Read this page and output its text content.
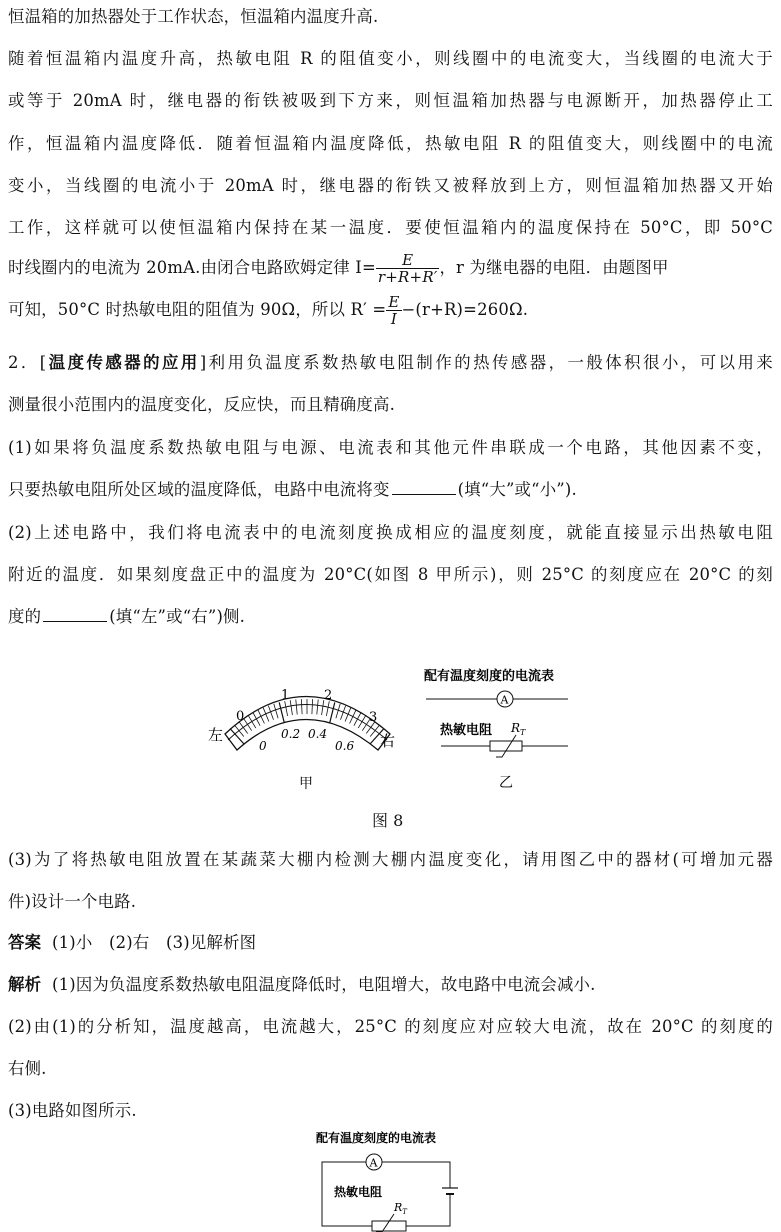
恒温箱的加热器处于工作状态，恒温箱内温度升高.
随着恒温箱内温度升高，热敏电阻 R 的阻值变小，则线圈中的电流变大，当线圈的电流大于
或等于 20mA 时，继电器的衔铁被吸到下方来，则恒温箱加热器与电源断开，加热器停止工
作，恒温箱内温度降低．随着恒温箱内温度降低，热敏电阻 R 的阻值变大，则线圈中的电流
变小，当线圈的电流小于 20mA 时，继电器的衔铁又被释放到上方，则恒温箱加热器又开始
工作，这样就可以使恒温箱内保持在某一温度．要使恒温箱内的温度保持在 50°C，即 50°C
时线圈内的电流为 20mA.由闭合电路欧姆定律 $I= \frac{E}{r+R+R'}$ ，r 为继电器的电阻．由题图甲
可知，50°C 时热敏电阻的阻值为 90Ω，所以 $R' = \frac{E}{I} -(r+R)=260\Omega$.
2．[温度传感器的应用]利用负温度系数热敏电阻制作的热传感器，一般体积很小，可以用来
测量很小范围内的温度变化，反应快，而且精确度高.
(1)如果将负温度系数热敏电阻与电源、电流表和其他元件串联成一个电路，其他因素不变，
只要热敏电阻所处区域的温度降低，电路中电流将变	(填“大”或“小”).
(2)上述电路中，我们将电流表中的电流刻度换成相应的温度刻度，就能直接显示出热敏电阻
附近的温度．如果刻度盘正中的温度为 20°C(如图 8 甲所示)，则 25°C 的刻度应在 20°C 的刻
度的	(填“左”或“右”)侧.
0
1	2
3
0
0.2 0.4
0.6
左	右
甲
配有温度刻度的电流表
A
热敏电阻 $R_T$
乙
图 8
(3)为了将热敏电阻放置在某蔬菜大棚内检测大棚内温度变化，请用图乙中的器材(可增加元器
件)设计一个电路.
答案 (1)小　(2)右　(3)见解析图
解析 (1)因为负温度系数热敏电阻温度降低时，电阻增大，故电路中电流会减小.
(2)由(1)的分析知，温度越高，电流越大，25°C 的刻度应对应较大电流，故在 20°C 的刻度的
右侧.
(3)电路如图所示.
配有温度刻度的电流表
A
热敏电阻
$R_T$
